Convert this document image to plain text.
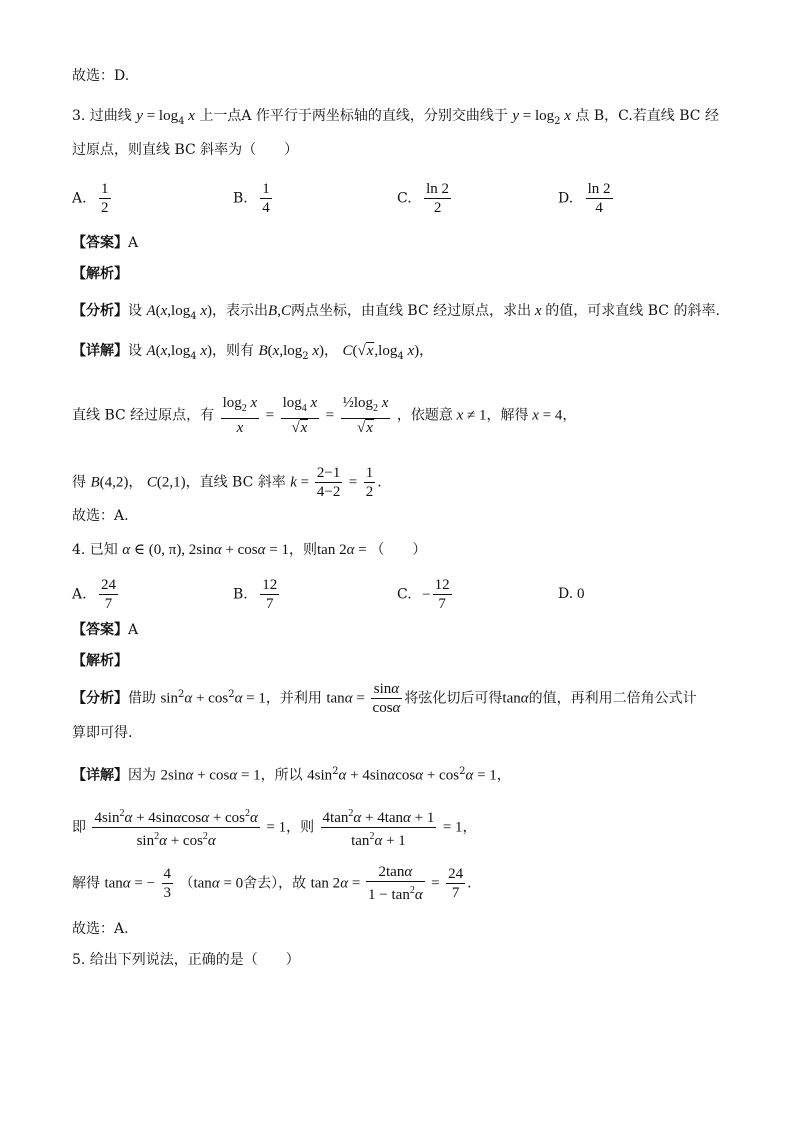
故选：D.
3. 过曲线 $y = \log_4 x$ 上一点A 作平行于两坐标轴的直线，分别交曲线于 $y = \log_2 x$ 点 B，C.若直线 BC 经
过原点，则直线 BC 斜率为（　　）
A. $\frac{1}{2}$	B. $\frac{1}{4}$	C. $\frac{\ln 2}{2}$	D. $\frac{\ln 2}{4}$
【答案】A
【解析】
【分析】设 $A(x,\log_4$ x)，表示出B,C两点坐标，由直线 BC 经过原点，求出 x 的值，可求直线 BC 的斜率.
【详解】设 $A(x,\log_4$ x)，则有 $B(x,\log_2$ x)， $C(√x,\log_4$ x)，
直线 BC 经过原点，有 $\frac{\log_2 x}{x} = \frac{\log_4 x}{√x} = \frac{\frac{1}{2}\log_2 x}{√x}$ ，依题意 x ≠ 1，解得 x = 4，
得 B(4,2)， C(2,1)，直线 BC 斜率 $k = \frac{2-1}{4-2} = \frac{1}{2}$ .
故选：A.
4. 已知 α ∈ (0, π), 2sinα + cosα = 1，则tan 2α = （　　）
A. $\frac{24}{7}$	B. $\frac{12}{7}$	C. − $\frac{12}{7}$	D. 0
【答案】A
【解析】
【分析】借助 $\sin^2\alpha + \cos^2\alpha = 1$，并利用 $\tan\alpha = \frac{\sin\alpha}{\cos\alpha}$ 将弦化切后可得tanα的值，再利用二倍角公式计
算即可得.
【详解】因为 2sinα + cosα = 1，所以 $4\sin^2\alpha + 4\sin\alpha\cos\alpha + \cos^2\alpha = 1$，
即 $\frac{4\sin^2\alpha + 4\sin\alpha\cos\alpha + \cos^2\alpha}{\sin^2\alpha + \cos^2\alpha} = 1$，则 $\frac{4\tan^2\alpha + 4\tan\alpha + 1}{\tan^2\alpha + 1} = 1$，
解得 tanα = − $\frac{4}{3} (\tan\alpha = 0$舍去），故 $\tan 2\alpha = \frac{2\tan\alpha}{1 - \tan^2\alpha} = \frac{24}{7}$ .
故选：A.
5. 给出下列说法，正确的是（　　）
